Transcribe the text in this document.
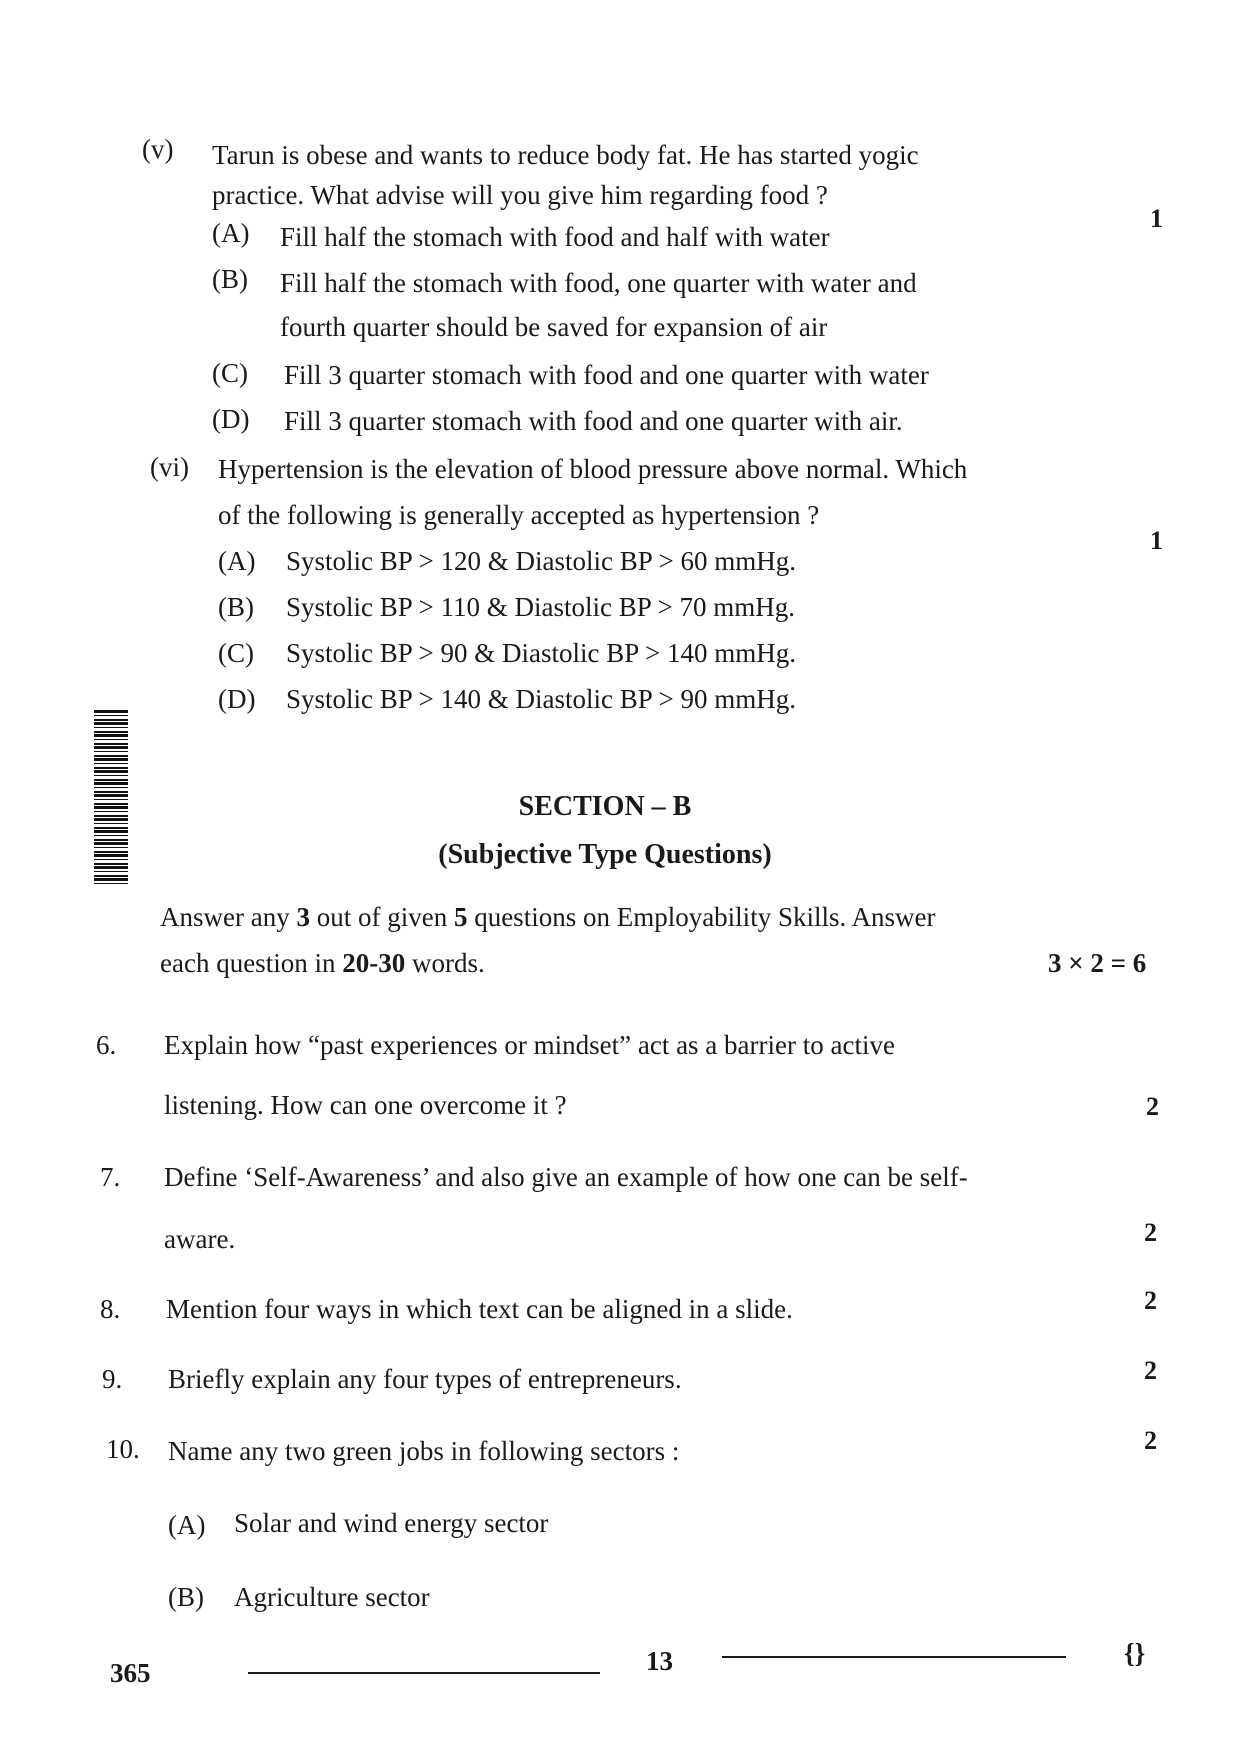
(v) Tarun is obese and wants to reduce body fat. He has started yogic
practice. What advise will you give him regarding food ?
1
(A) Fill half the stomach with food and half with water
(B) Fill half the stomach with food, one quarter with water and
fourth quarter should be saved for expansion of air
(C) Fill 3 quarter stomach with food and one quarter with water
(D) Fill 3 quarter stomach with food and one quarter with air.
(vi) Hypertension is the elevation of blood pressure above normal. Which
of the following is generally accepted as hypertension ?
1
(A) Systolic BP > 120 & Diastolic BP > 60 mmHg.
(B) Systolic BP > 110 & Diastolic BP > 70 mmHg.
(C) Systolic BP > 90 & Diastolic BP > 140 mmHg.
(D) Systolic BP > 140 & Diastolic BP > 90 mmHg.
SECTION – B
(Subjective Type Questions)
Answer any 3 out of given 5 questions on Employability Skills. Answer
each question in 20-30 words.	3 × 2 = 6
6. Explain how “past experiences or mindset” act as a barrier to active
listening. How can one overcome it ?	2
7. Define ‘Self-Awareness’ and also give an example of how one can be self-
aware.	2
8. Mention four ways in which text can be aligned in a slide.	2
9. Briefly explain any four types of entrepreneurs.	2
10. Name any two green jobs in following sectors :	2
(A) Solar and wind energy sector
(B) Agriculture sector
365	13	{}
